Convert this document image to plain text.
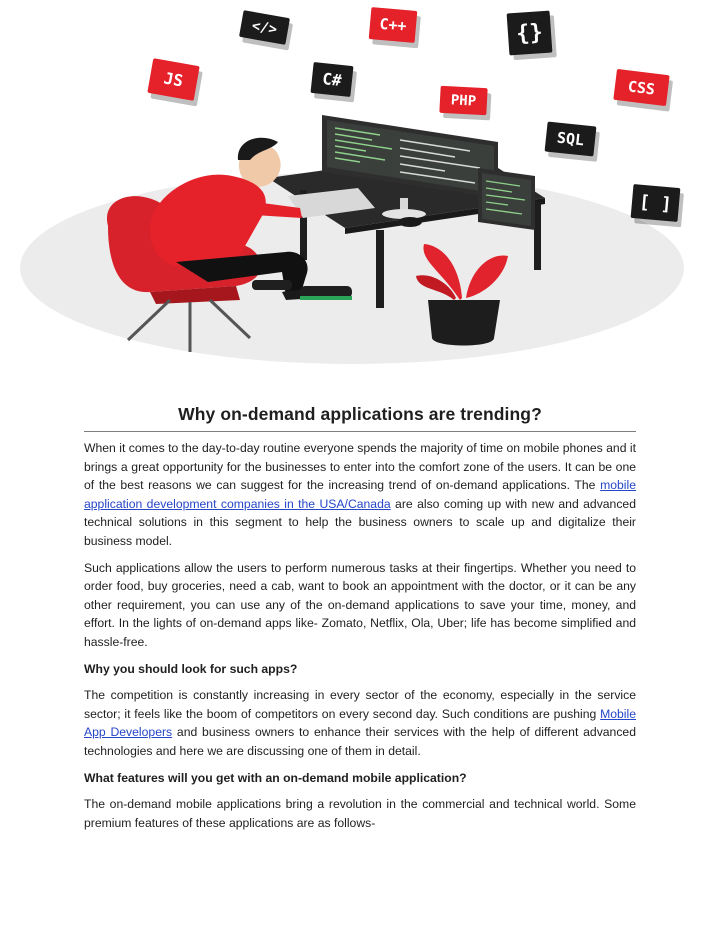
</>	C++	{}
JS	C#
PHP
CSS
SQL
[ ]
Why on-demand applications are trending?

When it comes to the day-to-day routine everyone spends the majority of time on mobile phones and it brings a great opportunity for the businesses to enter into the comfort zone of the users. It can be one of the best reasons we can suggest for the increasing trend of on-demand applications. The mobile application development companies in the USA/Canada are also coming up with new and advanced technical solutions in this segment to help the business owners to scale up and digitalize their business model.

Such applications allow the users to perform numerous tasks at their fingertips. Whether you need to order food, buy groceries, need a cab, want to book an appointment with the doctor, or it can be any other requirement, you can use any of the on-demand applications to save your time, money, and effort. In the lights of on-demand apps like- Zomato, Netflix, Ola, Uber; life has become simplified and hassle-free.

Why you should look for such apps?

The competition is constantly increasing in every sector of the economy, especially in the service sector; it feels like the boom of competitors on every second day. Such conditions are pushing Mobile App Developers and business owners to enhance their services with the help of different advanced technologies and here we are discussing one of them in detail.

What features will you get with an on-demand mobile application?

The on-demand mobile applications bring a revolution in the commercial and technical world. Some premium features of these applications are as follows-
